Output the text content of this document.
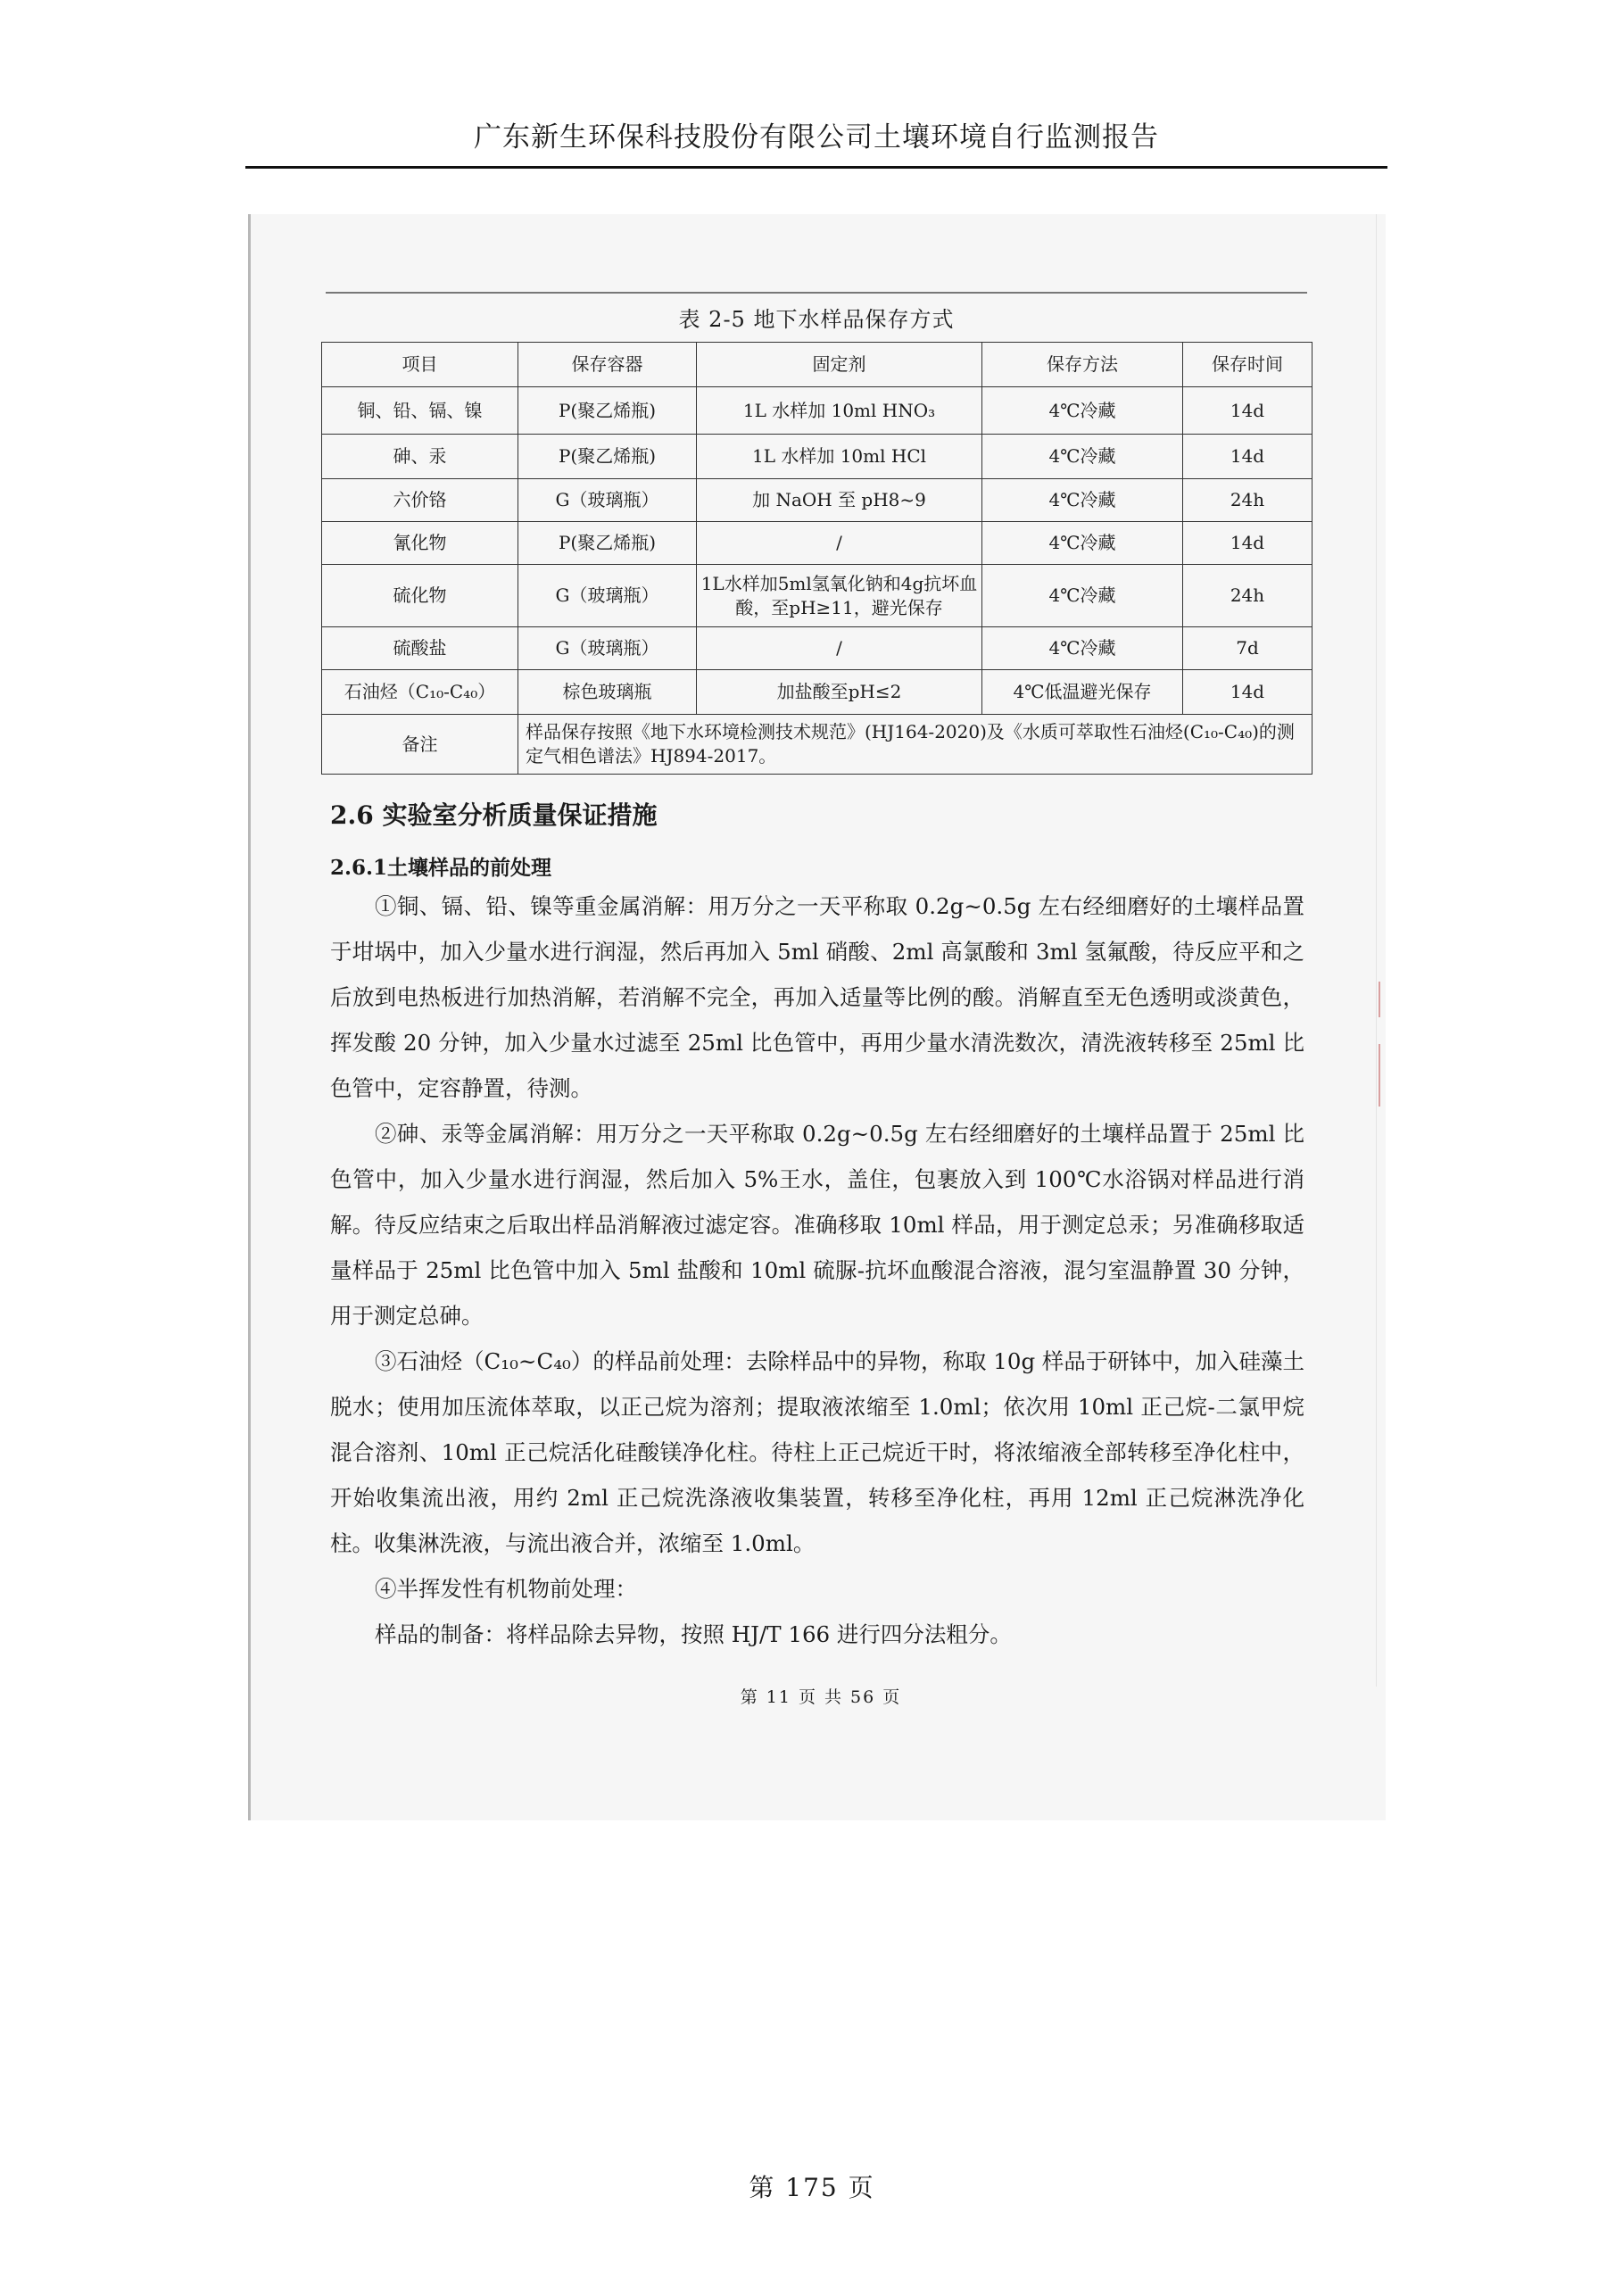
广东新生环保科技股份有限公司土壤环境自行监测报告
表 2-5 地下水样品保存方式
项目	保存容器	固定剂	保存方法	保存时间
铜、铅、镉、镍	P(聚乙烯瓶)	1L 水样加 10ml HNO₃	4℃冷藏	14d
砷、汞	P(聚乙烯瓶)	1L 水样加 10ml HCl	4℃冷藏	14d
六价铬	G（玻璃瓶）	加 NaOH 至 pH8~9	4℃冷藏	24h
氰化物	P(聚乙烯瓶)	/	4℃冷藏	14d
硫化物	G（玻璃瓶）	1L水样加5ml氢氧化钠和4g抗坏血酸，至pH≥11，避光保存	4℃冷藏	24h
硫酸盐	G（玻璃瓶）	/	4℃冷藏	7d
石油烃（C₁₀-C₄₀）	棕色玻璃瓶	加盐酸至pH≤2	4℃低温避光保存	14d
备注	样品保存按照《地下水环境检测技术规范》(HJ164-2020)及《水质可萃取性石油烃(C₁₀-C₄₀)的测定气相色谱法》HJ894-2017。			
2.6 实验室分析质量保证措施
2.6.1土壤样品的前处理

①铜、镉、铅、镍等重金属消解：用万分之一天平称取 0.2g~0.5g 左右经细磨好的土壤样品置于坩埚中，加入少量水进行润湿，然后再加入 5ml 硝酸、2ml 高氯酸和 3ml 氢氟酸，待反应平和之后放到电热板进行加热消解，若消解不完全，再加入适量等比例的酸。消解直至无色透明或淡黄色，挥发酸 20 分钟，加入少量水过滤至 25ml 比色管中，再用少量水清洗数次，清洗液转移至 25ml 比色管中，定容静置，待测。

②砷、汞等金属消解：用万分之一天平称取 0.2g~0.5g 左右经细磨好的土壤样品置于 25ml 比色管中，加入少量水进行润湿，然后加入 5%王水，盖住，包裹放入到 100℃水浴锅对样品进行消解。待反应结束之后取出样品消解液过滤定容。准确移取 10ml 样品，用于测定总汞；另准确移取适量样品于 25ml 比色管中加入 5ml 盐酸和 10ml 硫脲-抗坏血酸混合溶液，混匀室温静置 30 分钟，用于测定总砷。

③石油烃（C₁₀~C₄₀）的样品前处理：去除样品中的异物，称取 10g 样品于研钵中，加入硅藻土脱水；使用加压流体萃取，以正己烷为溶剂；提取液浓缩至 1.0ml；依次用 10ml 正己烷-二氯甲烷混合溶剂、10ml 正己烷活化硅酸镁净化柱。待柱上正己烷近干时，将浓缩液全部转移至净化柱中，开始收集流出液，用约 2ml 正己烷洗涤液收集装置，转移至净化柱，再用 12ml 正己烷淋洗净化柱。收集淋洗液，与流出液合并，浓缩至 1.0ml。

④半挥发性有机物前处理：

样品的制备：将样品除去异物，按照 HJ/T 166 进行四分法粗分。

第 11 页 共 56 页
第 175 页
